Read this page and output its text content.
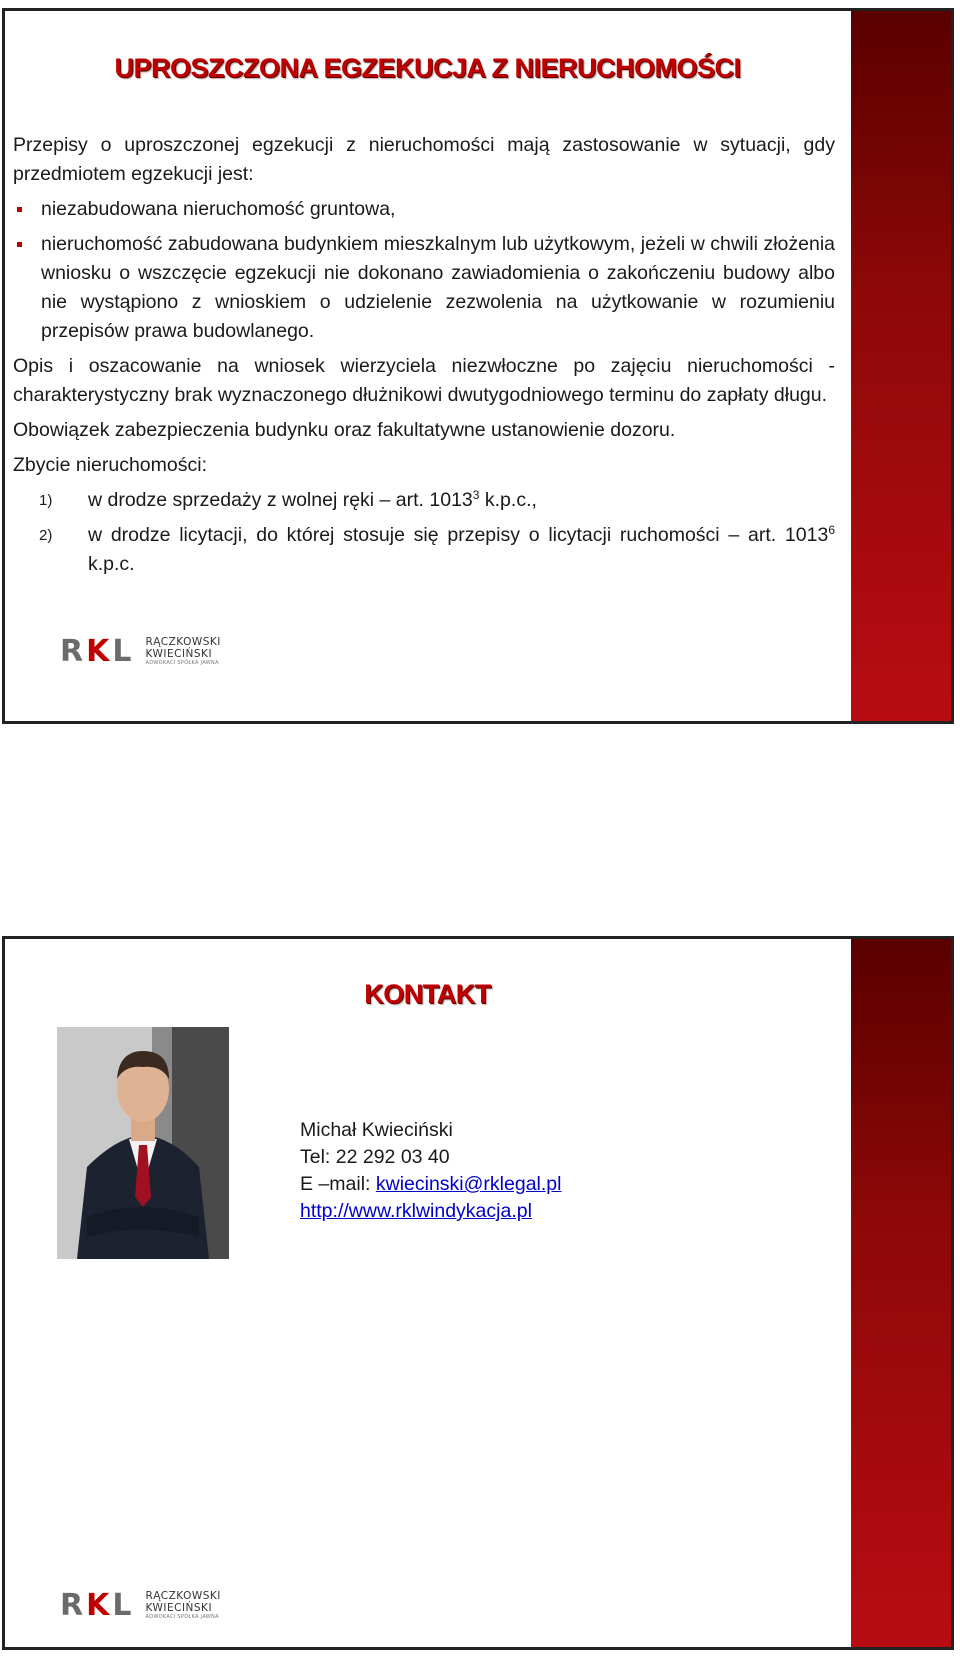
UPROSZCZONA EGZEKUCJA Z NIERUCHOMOŚCI

Przepisy o uproszczonej egzekucji z nieruchomości mają zastosowanie w sytuacji, gdy przedmiotem egzekucji jest:

niezabudowana nieruchomość gruntowa,
nieruchomość zabudowana budynkiem mieszkalnym lub użytkowym, jeżeli w chwili złożenia wniosku o wszczęcie egzekucji nie dokonano zawiadomienia o zakończeniu budowy albo nie wystąpiono z wnioskiem o udzielenie zezwolenia na użytkowanie w rozumieniu przepisów prawa budowlanego.

Opis i oszacowanie na wniosek wierzyciela niezwłoczne po zajęciu nieruchomości - charakterystyczny brak wyznaczonego dłużnikowi dwutygodniowego terminu do zapłaty długu.

Obowiązek zabezpieczenia budynku oraz fakultatywne ustanowienie dozoru.

Zbycie nieruchomości:

1) w drodze sprzedaży z wolnej ręki – art. 1013$^3$ k.p.c.,
2) w drodze licytacji, do której stosuje się przepisy o licytacji ruchomości – art. 1013$^6$ k.p.c.
R K L RĄCZKOWSKI
KWIECIŃSKI
ADWOKACI SPÓŁKA JAWNA
KONTAKT
Michał Kwieciński
Tel: 22 292 03 40
E –mail: kwiecinski@rklegal.pl
http://www.rklwindykacja.pl
R K L RĄCZKOWSKI
KWIECIŃSKI
ADWOKACI SPÓŁKA JAWNA
